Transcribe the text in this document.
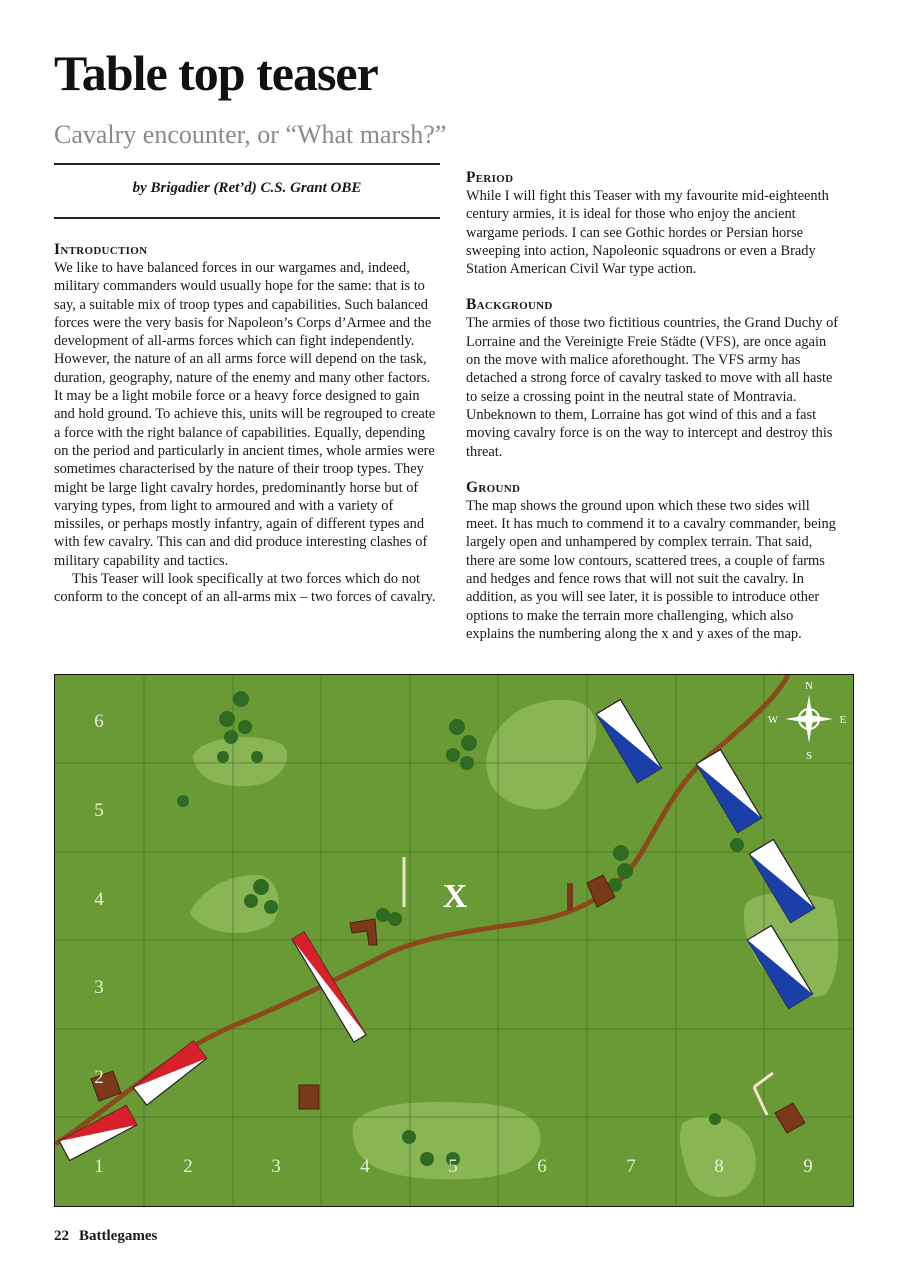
Table top teaser
Cavalry encounter, or “What marsh?”
by Brigadier (Ret’d) C.S. Grant OBE
Introduction

We like to have balanced forces in our wargames and, indeed, military commanders would usually hope for the same: that is to say, a suitable mix of troop types and capabilities. Such balanced forces were the very basis for Napoleon’s Corps d’Armee and the development of all-arms forces which can fight independently. However, the nature of an all arms force will depend on the task, duration, geography, nature of the enemy and many other factors. It may be a light mobile force or a heavy force designed to gain and hold ground. To achieve this, units will be regrouped to create a force with the right balance of capabilities. Equally, depending on the period and particularly in ancient times, whole armies were sometimes characterised by the nature of their troop types. They might be large light cavalry hordes, predominantly horse but of varying types, from light to armoured and with a variety of missiles, or perhaps mostly infantry, again of different types and with few cavalry. This can and did produce interesting clashes of military capability and tactics.

This Teaser will look specifically at two forces which do not conform to the concept of an all-arms mix – two forces of cavalry.

Period

While I will fight this Teaser with my favourite mid-eighteenth century armies, it is ideal for those who enjoy the ancient wargame periods. I can see Gothic hordes or Persian horse sweeping into action, Napoleonic squadrons or even a Brady Station American Civil War type action.

Background

The armies of those two fictitious countries, the Grand Duchy of Lorraine and the Vereinigte Freie Städte (VFS), are once again on the move with malice aforethought. The VFS army has detached a strong force of cavalry tasked to move with all haste to seize a crossing point in the neutral state of Montravia. Unbeknown to them, Lorraine has got wind of this and a fast moving cavalry force is on the way to intercept and destroy this threat.

Ground

The map shows the ground upon which these two sides will meet. It has much to commend it to a cavalry commander, being largely open and unhampered by complex terrain. That said, there are some low contours, scattered trees, a couple of farms and hedges and fence rows that will not suit the cavalry. In addition, as you will see later, it is possible to introduce other options to make the terrain more challenging, which also explains the numbering along the x and y axes of the map.

X
N
S
E
W
1	2	3	4	5	6	7	8	9
6
5
4
3
2
22 Battlegames
